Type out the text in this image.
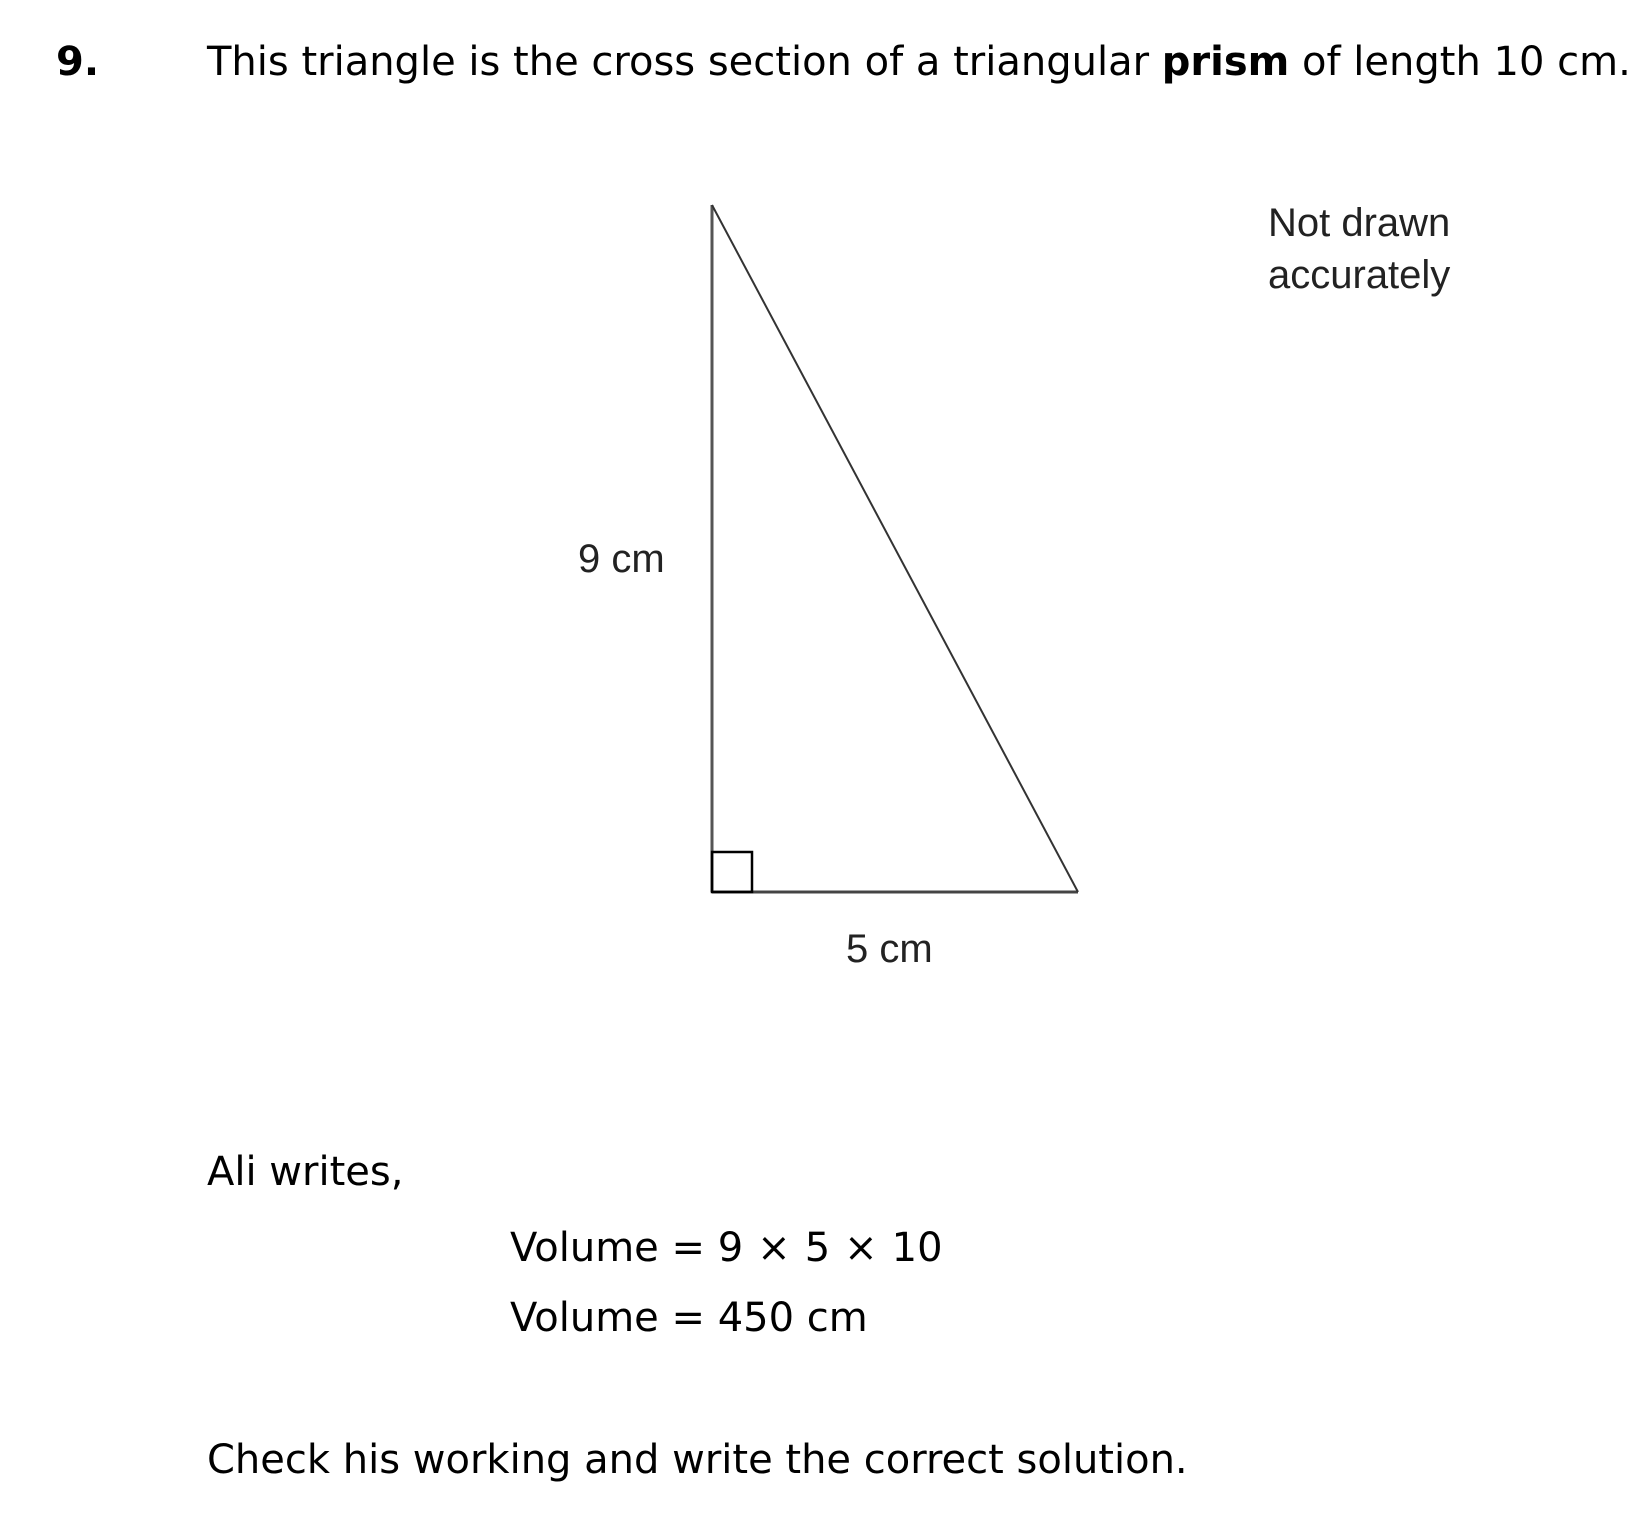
9.	This triangle is the cross section of a triangular prism of length 10 cm.
9 cm
5 cm
Not drawn
accurately
Ali writes,
Volume = 9 × 5 × 10
Volume = 450 cm
Check his working and write the correct solution.
